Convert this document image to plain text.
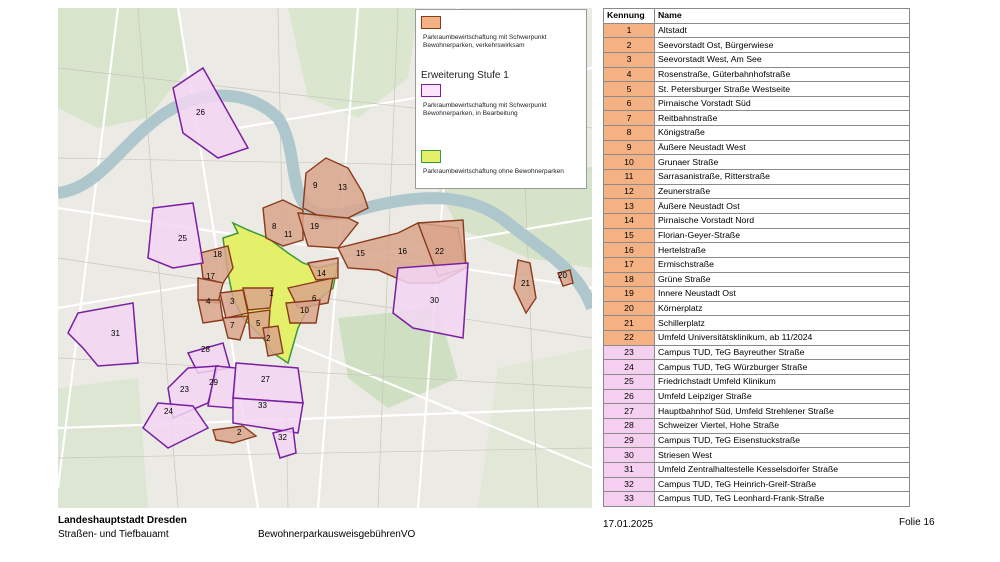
1
2
3
4
5
6
7
8
9
10
11
13
14
15	16
17
18
19
20
21
22
23
24
25
26
27
28
29
30
31
32
33
2
Parkraumbewirtschaftung mit Schwerpunkt Bewohnerparken, verkehrswirksam
Erweiterung Stufe 1
Parkraumbewirtschaftung mit Schwerpunkt Bewohnerparken, in Bearbeitung
Parkraumbewirtschaftung ohne Bewohnerparken
Kennung	Name
1	Altstadt
2	Seevorstadt Ost, Bürgerwiese
3	Seevorstadt West, Am See
4	Rosenstraße, Güterbahnhofstraße
5	St. Petersburger Straße Westseite
6	Pirnaische Vorstadt Süd
7	Reitbahnstraße
8	Königstraße
9	Äußere Neustadt West
10	Grunaer Straße
11	Sarrasanistraße, Ritterstraße
12	Zeunerstraße
13	Äußere Neustadt Ost
14	Pirnaische Vorstadt Nord
15	Florian-Geyer-Straße
16	Hertelstraße
17	Ermischstraße
18	Grüne Straße
19	Innere Neustadt Ost
20	Körnerplatz
21	Schillerplatz
22	Umfeld Universitätsklinikum, ab 11/2024
23	Campus TUD, TeG Bayreuther Straße
24	Campus TUD, TeG Würzburger Straße
25	Friedrichstadt Umfeld Klinikum
26	Umfeld Leipziger Straße
27	Hauptbahnhof Süd, Umfeld Strehlener Straße
28	Schweizer Viertel, Hohe Straße
29	Campus TUD, TeG Eisenstuckstraße
30	Striesen West
31	Umfeld Zentralhaltestelle Kesselsdorfer Straße
32	Campus TUD, TeG Heinrich-Greif-Straße
33	Campus TUD, TeG Leonhard-Frank-Straße
Landeshauptstadt Dresden
Straßen- und Tiefbauamt	BewohnerparkausweisgebührenVO
17.01.2025	Folie 16
